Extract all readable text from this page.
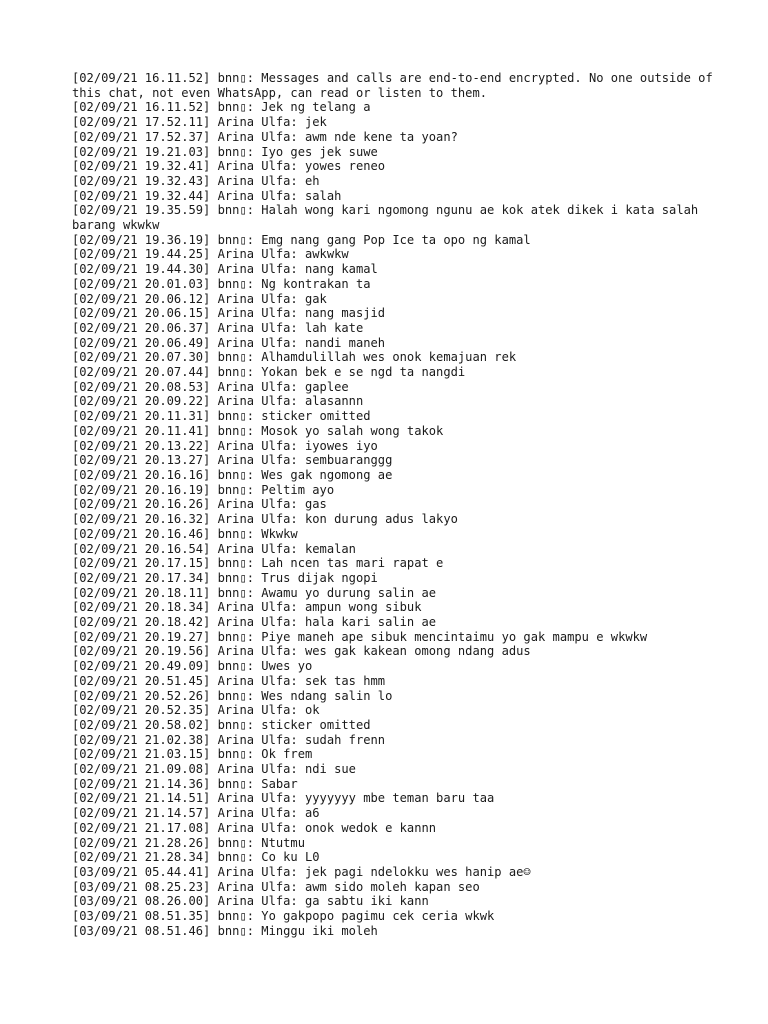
[02/09/21 16.11.52] bnn▯: Messages and calls are end-to-end encrypted. No one outside of this chat, not even WhatsApp, can read or listen to them.
[02/09/21 16.11.52] bnn▯: Jek ng telang a
[02/09/21 17.52.11] Arina Ulfa: jek
[02/09/21 17.52.37] Arina Ulfa: awm nde kene ta yoan?
[02/09/21 19.21.03] bnn▯: Iyo ges jek suwe
[02/09/21 19.32.41] Arina Ulfa: yowes reneo
[02/09/21 19.32.43] Arina Ulfa: eh
[02/09/21 19.32.44] Arina Ulfa: salah
[02/09/21 19.35.59] bnn▯: Halah wong kari ngomong ngunu ae kok atek dikek i kata salah barang wkwkw
[02/09/21 19.36.19] bnn▯: Emg nang gang Pop Ice ta opo ng kamal
[02/09/21 19.44.25] Arina Ulfa: awkwkw
[02/09/21 19.44.30] Arina Ulfa: nang kamal
[02/09/21 20.01.03] bnn▯: Ng kontrakan ta
[02/09/21 20.06.12] Arina Ulfa: gak
[02/09/21 20.06.15] Arina Ulfa: nang masjid
[02/09/21 20.06.37] Arina Ulfa: lah kate
[02/09/21 20.06.49] Arina Ulfa: nandi maneh
[02/09/21 20.07.30] bnn▯: Alhamdulillah wes onok kemajuan rek
[02/09/21 20.07.44] bnn▯: Yokan bek e se ngd ta nangdi
[02/09/21 20.08.53] Arina Ulfa: gaplee
[02/09/21 20.09.22] Arina Ulfa: alasannn
[02/09/21 20.11.31] bnn▯: sticker omitted
[02/09/21 20.11.41] bnn▯: Mosok yo salah wong takok
[02/09/21 20.13.22] Arina Ulfa: iyowes iyo
[02/09/21 20.13.27] Arina Ulfa: sembuaranggg
[02/09/21 20.16.16] bnn▯: Wes gak ngomong ae
[02/09/21 20.16.19] bnn▯: Peltim ayo
[02/09/21 20.16.26] Arina Ulfa: gas
[02/09/21 20.16.32] Arina Ulfa: kon durung adus lakyo
[02/09/21 20.16.46] bnn▯: Wkwkw
[02/09/21 20.16.54] Arina Ulfa: kemalan
[02/09/21 20.17.15] bnn▯: Lah ncen tas mari rapat e
[02/09/21 20.17.34] bnn▯: Trus dijak ngopi
[02/09/21 20.18.11] bnn▯: Awamu yo durung salin ae
[02/09/21 20.18.34] Arina Ulfa: ampun wong sibuk
[02/09/21 20.18.42] Arina Ulfa: hala kari salin ae
[02/09/21 20.19.27] bnn▯: Piye maneh ape sibuk mencintaimu yo gak mampu e wkwkw
[02/09/21 20.19.56] Arina Ulfa: wes gak kakean omong ndang adus
[02/09/21 20.49.09] bnn▯: Uwes yo
[02/09/21 20.51.45] Arina Ulfa: sek tas hmm
[02/09/21 20.52.26] bnn▯: Wes ndang salin lo
[02/09/21 20.52.35] Arina Ulfa: ok
[02/09/21 20.58.02] bnn▯: sticker omitted
[02/09/21 21.02.38] Arina Ulfa: sudah frenn
[02/09/21 21.03.15] bnn▯: Ok frem
[02/09/21 21.09.08] Arina Ulfa: ndi sue
[02/09/21 21.14.36] bnn▯: Sabar
[02/09/21 21.14.51] Arina Ulfa: yyyyyyy mbe teman baru taa
[02/09/21 21.14.57] Arina Ulfa: a6
[02/09/21 21.17.08] Arina Ulfa: onok wedok e kannn
[02/09/21 21.28.26] bnn▯: Ntutmu
[02/09/21 21.28.34] bnn▯: Co ku L0
[03/09/21 05.44.41] Arina Ulfa: jek pagi ndelokku wes hanip ae☺
[03/09/21 08.25.23] Arina Ulfa: awm sido moleh kapan seo
[03/09/21 08.26.00] Arina Ulfa: ga sabtu iki kann
[03/09/21 08.51.35] bnn▯: Yo gakpopo pagimu cek ceria wkwk
[03/09/21 08.51.46] bnn▯: Minggu iki moleh
